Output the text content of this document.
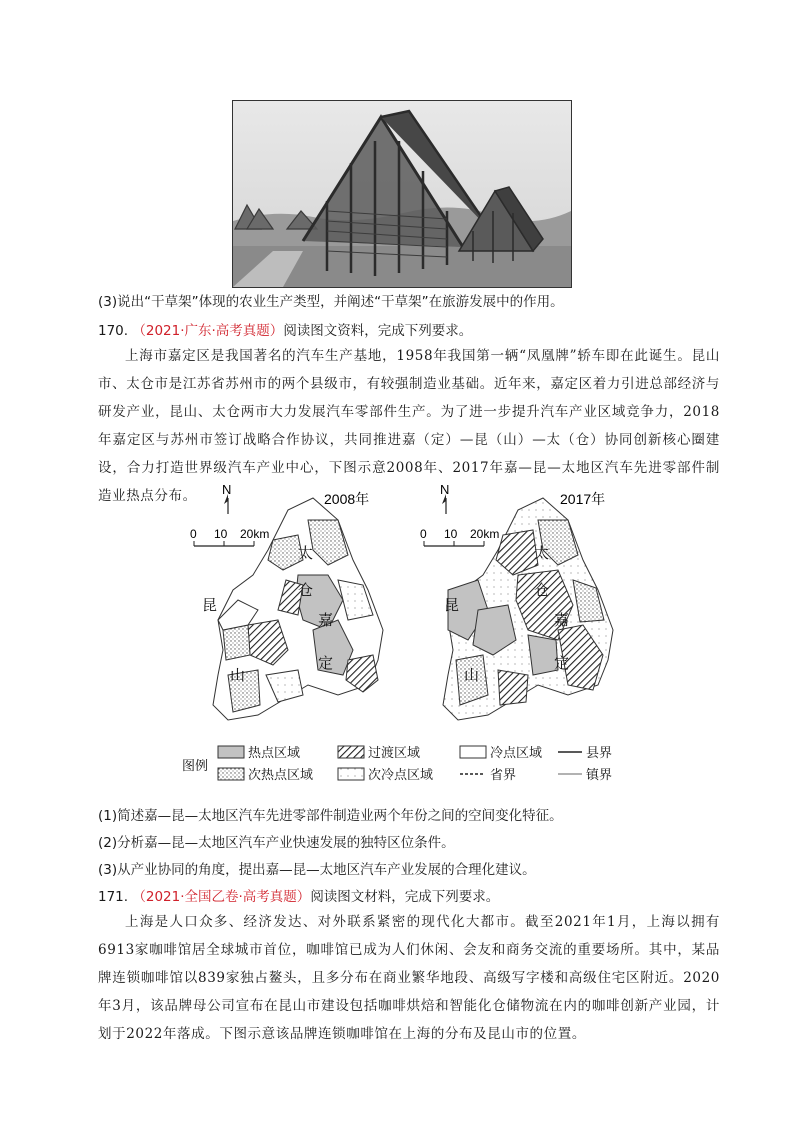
(3)说出“干草架”体现的农业生产类型，并阐述“干草架”在旅游发展中的作用。
170. （2021·广东·高考真题）阅读图文资料，完成下列要求。
上海市嘉定区是我国著名的汽车生产基地，1958年我国第一辆“凤凰牌”轿车即在此诞生。昆山市、太仓市是江苏省苏州市的两个县级市，有较强制造业基础。近年来，嘉定区着力引进总部经济与研发产业，昆山、太仓两市大力发展汽车零部件生产。为了进一步提升汽车产业区域竞争力，2018年嘉定区与苏州市签订战略合作协议，共同推进嘉（定）—昆（山）—太（仓）协同创新核心圈建设，合力打造世界级汽车产业中心，下图示意2008年、2017年嘉—昆—太地区汽车先进零部件制造业热点分布。	N
0 10 20km
2008年
太
仓
昆
嘉
山
定
N
0 10 20km
2017年
太
仓
昆
嘉
山
定
图例
热点区域	过渡区域	冷点区域	县界
次热点区域	次冷点区域	省界	镇界
(1)简述嘉—昆—太地区汽车先进零部件制造业两个年份之间的空间变化特征。
(2)分析嘉—昆—太地区汽车产业快速发展的独特区位条件。
(3)从产业协同的角度，提出嘉—昆—太地区汽车产业发展的合理化建议。
171. （2021·全国乙卷·高考真题）阅读图文材料，完成下列要求。
上海是人口众多、经济发达、对外联系紧密的现代化大都市。截至2021年1月，上海以拥有6913家咖啡馆居全球城市首位，咖啡馆已成为人们休闲、会友和商务交流的重要场所。其中，某品牌连锁咖啡馆以839家独占鳌头，且多分布在商业繁华地段、高级写字楼和高级住宅区附近。2020年3月，该品牌母公司宣布在昆山市建设包括咖啡烘焙和智能化仓储物流在内的咖啡创新产业园，计划于2022年落成。下图示意该品牌连锁咖啡馆在上海的分布及昆山市的位置。
